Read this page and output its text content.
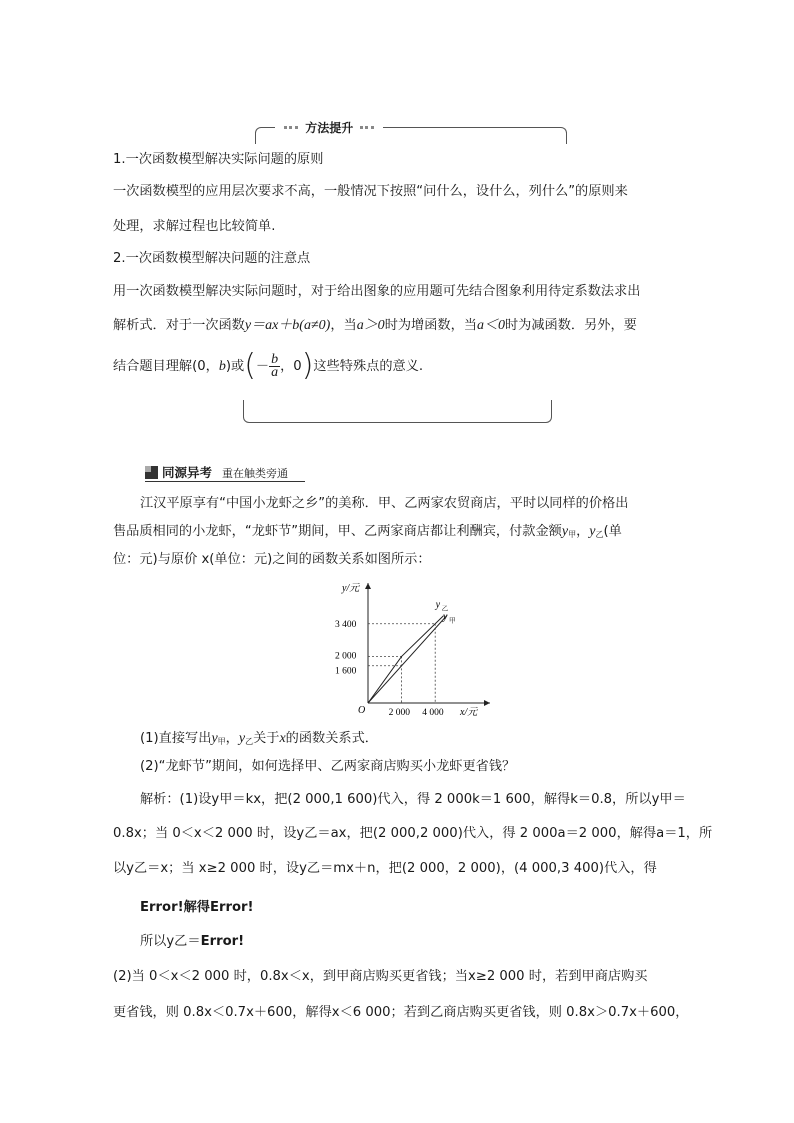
方法提升
1.一次函数模型解决实际问题的原则
一次函数模型的应用层次要求不高，一般情况下按照“问什么，设什么，列什么”的原则来
处理，求解过程也比较简单.
2.一次函数模型解决问题的注意点
用一次函数模型解决实际问题时，对于给出图象的应用题可先结合图象利用待定系数法求出
解析式．对于一次函数y＝ax＋b(a≠0)，当a＞0时为增函数，当a＜0时为减函数．另外，要
结合题目理解(0，b)或(－ $\frac{b}{a}$ ，0)这些特殊点的意义.
同源异考 重在触类旁通
江汉平原享有“中国小龙虾之乡”的美称．甲、乙两家农贸商店，平时以同样的价格出
售品质相同的小龙虾，“龙虾节”期间，甲、乙两家商店都让利酬宾，付款金额$y_甲$，$y_乙$(单
位：元)与原价 x(单位：元)之间的函数关系如图所示：
y/元
x/元
O 2 000 4 000
1 600
2 000
3 400
y 乙
y 甲
(1)直接写出$y_甲$，$y_乙$关于x的函数关系式．
(2)“龙虾节”期间，如何选择甲、乙两家商店购买小龙虾更省钱？
解析：(1)设y甲＝kx，把(2 000,1 600)代入，得 2 000k＝1 600，解得k＝0.8，所以y甲＝
0.8x；当 0＜x＜2 000 时，设y乙＝ax，把(2 000,2 000)代入，得 2 000a＝2 000，解得a＝1，所
以y乙＝x；当 x≥2 000 时，设y乙＝mx＋n，把(2 000，2 000)，(4 000,3 400)代入，得
Error!解得Error!
所以y乙＝Error!
(2)当 0＜x＜2 000 时，0.8x＜x，到甲商店购买更省钱；当x≥2 000 时，若到甲商店购买
更省钱，则 0.8x＜0.7x＋600，解得x＜6 000；若到乙商店购买更省钱，则 0.8x＞0.7x＋600，
